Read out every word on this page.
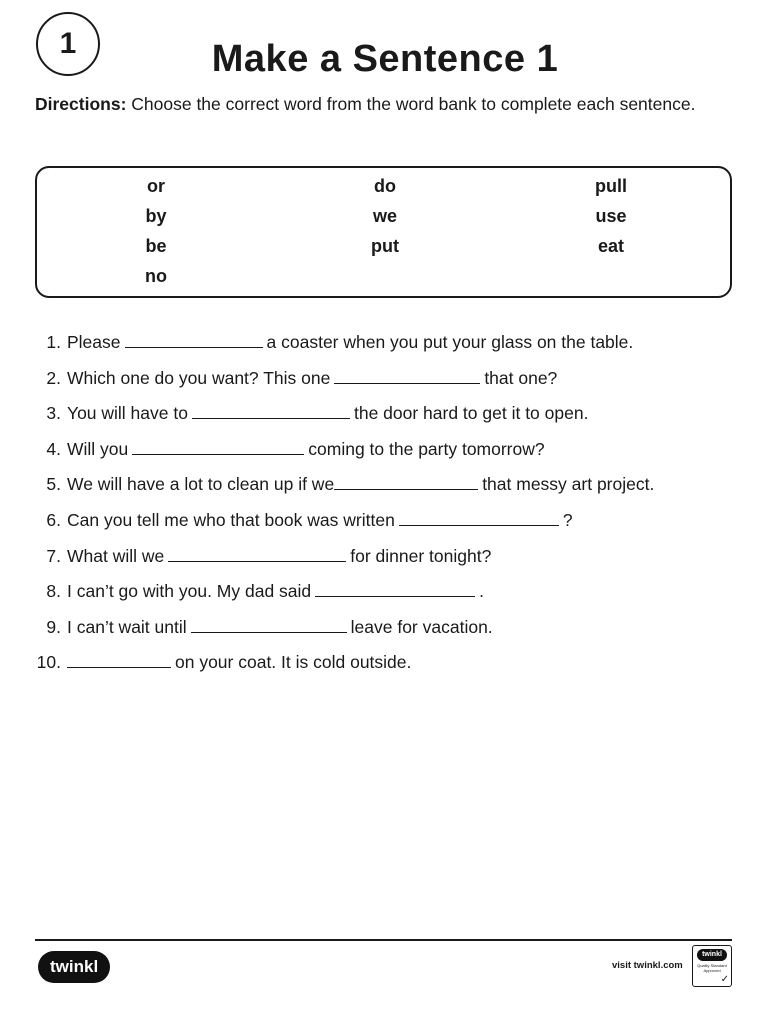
1	Make a Sentence 1
Directions: Choose the correct word from the word bank to complete each sentence.
or	do	pull
by	we	use
be	put	eat
no
1. Please	a coaster when you put your glass on the table.
2. Which one do you want? This one	that one?
3. You will have to	the door hard to get it to open.
4. Will you	coming to the party tomorrow?
5. We will have a lot to clean up if we	that messy art project.
6. Can you tell me who that book was written	?
7. What will we	for dinner tonight?
8. I can’t go with you. My dad said	.
9. I can’t wait until	leave for vacation.
10.	on your coat. It is cold outside.
twinkl	visit twinkl.com
twinkl
Quality Standard Approved
✓
